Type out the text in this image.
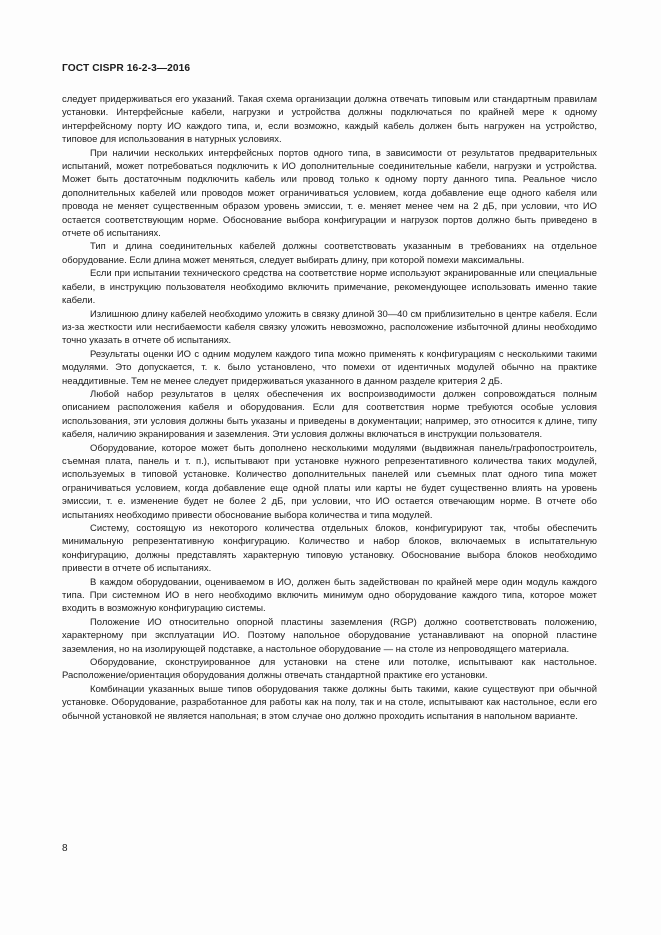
ГОСТ CISPR 16-2-3—2016

следует придерживаться его указаний. Такая схема организации должна отвечать типовым или стандартным правилам установки. Интерфейсные кабели, нагрузки и устройства должны подключаться по крайней мере к одному интерфейсному порту ИО каждого типа, и, если возможно, каждый кабель должен быть нагружен на устройство, типовое для использования в натурных условиях.

При наличии нескольких интерфейсных портов одного типа, в зависимости от результатов предварительных испытаний, может потребоваться подключить к ИО дополнительные соединительные кабели, нагрузки и устройства. Может быть достаточным подключить кабель или провод только к одному порту данного типа. Реальное число дополнительных кабелей или проводов может ограничиваться условием, когда добавление еще одного кабеля или провода не меняет существенным образом уровень эмиссии, т. е. меняет менее чем на 2 дБ, при условии, что ИО остается соответствующим норме. Обоснование выбора конфигурации и нагрузок портов должно быть приведено в отчете об испытаниях.

Тип и длина соединительных кабелей должны соответствовать указанным в требованиях на отдельное оборудование. Если длина может меняться, следует выбирать длину, при которой помехи максимальны.

Если при испытании технического средства на соответствие норме используют экранированные или специальные кабели, в инструкцию пользователя необходимо включить примечание, рекомендующее использовать именно такие кабели.

Излишнюю длину кабелей необходимо уложить в связку длиной 30—40 см приблизительно в центре кабеля. Если из-за жесткости или несгибаемости кабеля связку уложить невозможно, расположение избыточной длины необходимо точно указать в отчете об испытаниях.

Результаты оценки ИО с одним модулем каждого типа можно применять к конфигурациям с несколькими такими модулями. Это допускается, т. к. было установлено, что помехи от идентичных модулей обычно на практике неаддитивные. Тем не менее следует придерживаться указанного в данном разделе критерия 2 дБ.

Любой набор результатов в целях обеспечения их воспроизводимости должен сопровождаться полным описанием расположения кабеля и оборудования. Если для соответствия норме требуются особые условия использования, эти условия должны быть указаны и приведены в документации; например, это относится к длине, типу кабеля, наличию экранирования и заземления. Эти условия должны включаться в инструкции пользователя.

Оборудование, которое может быть дополнено несколькими модулями (выдвижная панель/графопостроитель, съемная плата, панель и т. п.), испытывают при установке нужного репрезентативного количества таких модулей, используемых в типовой установке. Количество дополнительных панелей или съемных плат одного типа может ограничиваться условием, когда добавление еще одной платы или карты не будет существенно влиять на уровень эмиссии, т. е. изменение будет не более 2 дБ, при условии, что ИО остается отвечающим норме. В отчете обо испытаниях необходимо привести обоснование выбора количества и типа модулей.

Систему, состоящую из некоторого количества отдельных блоков, конфигурируют так, чтобы обеспечить минимальную репрезентативную конфигурацию. Количество и набор блоков, включаемых в испытательную конфигурацию, должны представлять характерную типовую установку. Обоснование выбора блоков необходимо привести в отчете об испытаниях.

В каждом оборудовании, оцениваемом в ИО, должен быть задействован по крайней мере один модуль каждого типа. При системном ИО в него необходимо включить минимум одно оборудование каждого типа, которое может входить в возможную конфигурацию системы.

Положение ИО относительно опорной пластины заземления (RGP) должно соответствовать положению, характерному при эксплуатации ИО. Поэтому напольное оборудование устанавливают на опорной пластине заземления, но на изолирующей подставке, а настольное оборудование — на столе из непроводящего материала.

Оборудование, сконструированное для установки на стене или потолке, испытывают как настольное. Расположение/ориентация оборудования должны отвечать стандартной практике его установки.

Комбинации указанных выше типов оборудования также должны быть такими, какие существуют при обычной установке. Оборудование, разработанное для работы как на полу, так и на столе, испытывают как настольное, если его обычной установкой не является напольная; в этом случае оно должно проходить испытания в напольном варианте.

8
